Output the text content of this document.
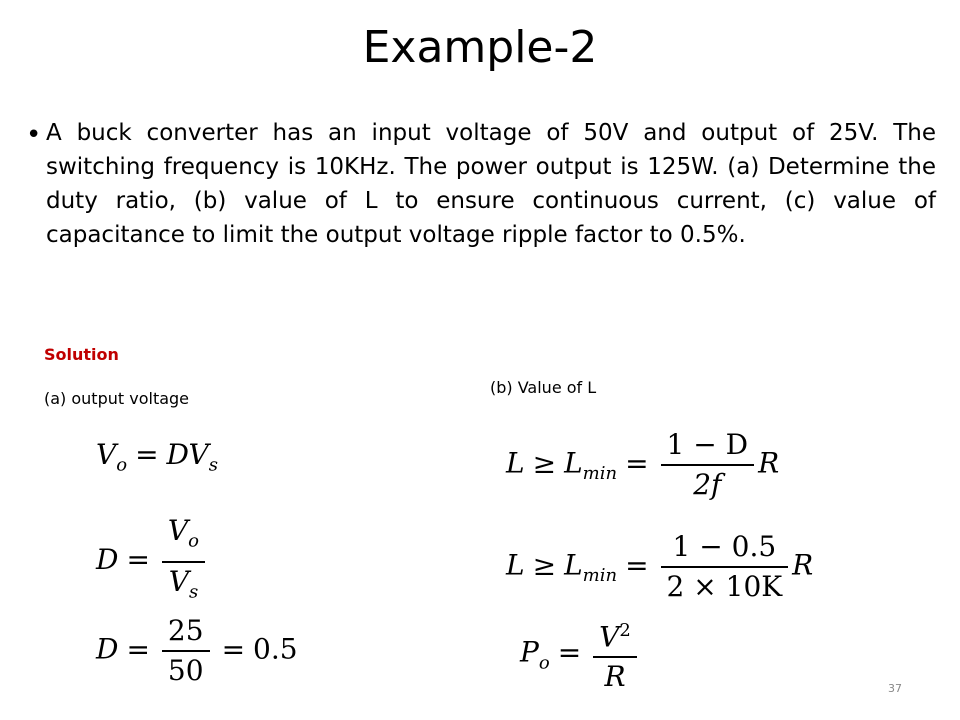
Example-2
• A buck converter has an input voltage of 50V and output of 25V. The switching frequency is 10KHz. The power output is 125W. (a) Determine the duty ratio, (b) value of L to ensure continuous current, (c) value of capacitance to limit the output voltage ripple factor to 0.5%.
Solution
(a) output voltage
(b) Value of L
$V_o = DV_s$
$D = \frac{V_o}{V_s}$
$D = \frac{25}{50} = 0.5$
$L \ge L_{min} = \frac{1 - D}{2f}$ R
$L \ge L_{min} = \frac{1 - 0.5}{2 \times 10K}$ R
$P_o = \frac{V^2}{R}$	37
